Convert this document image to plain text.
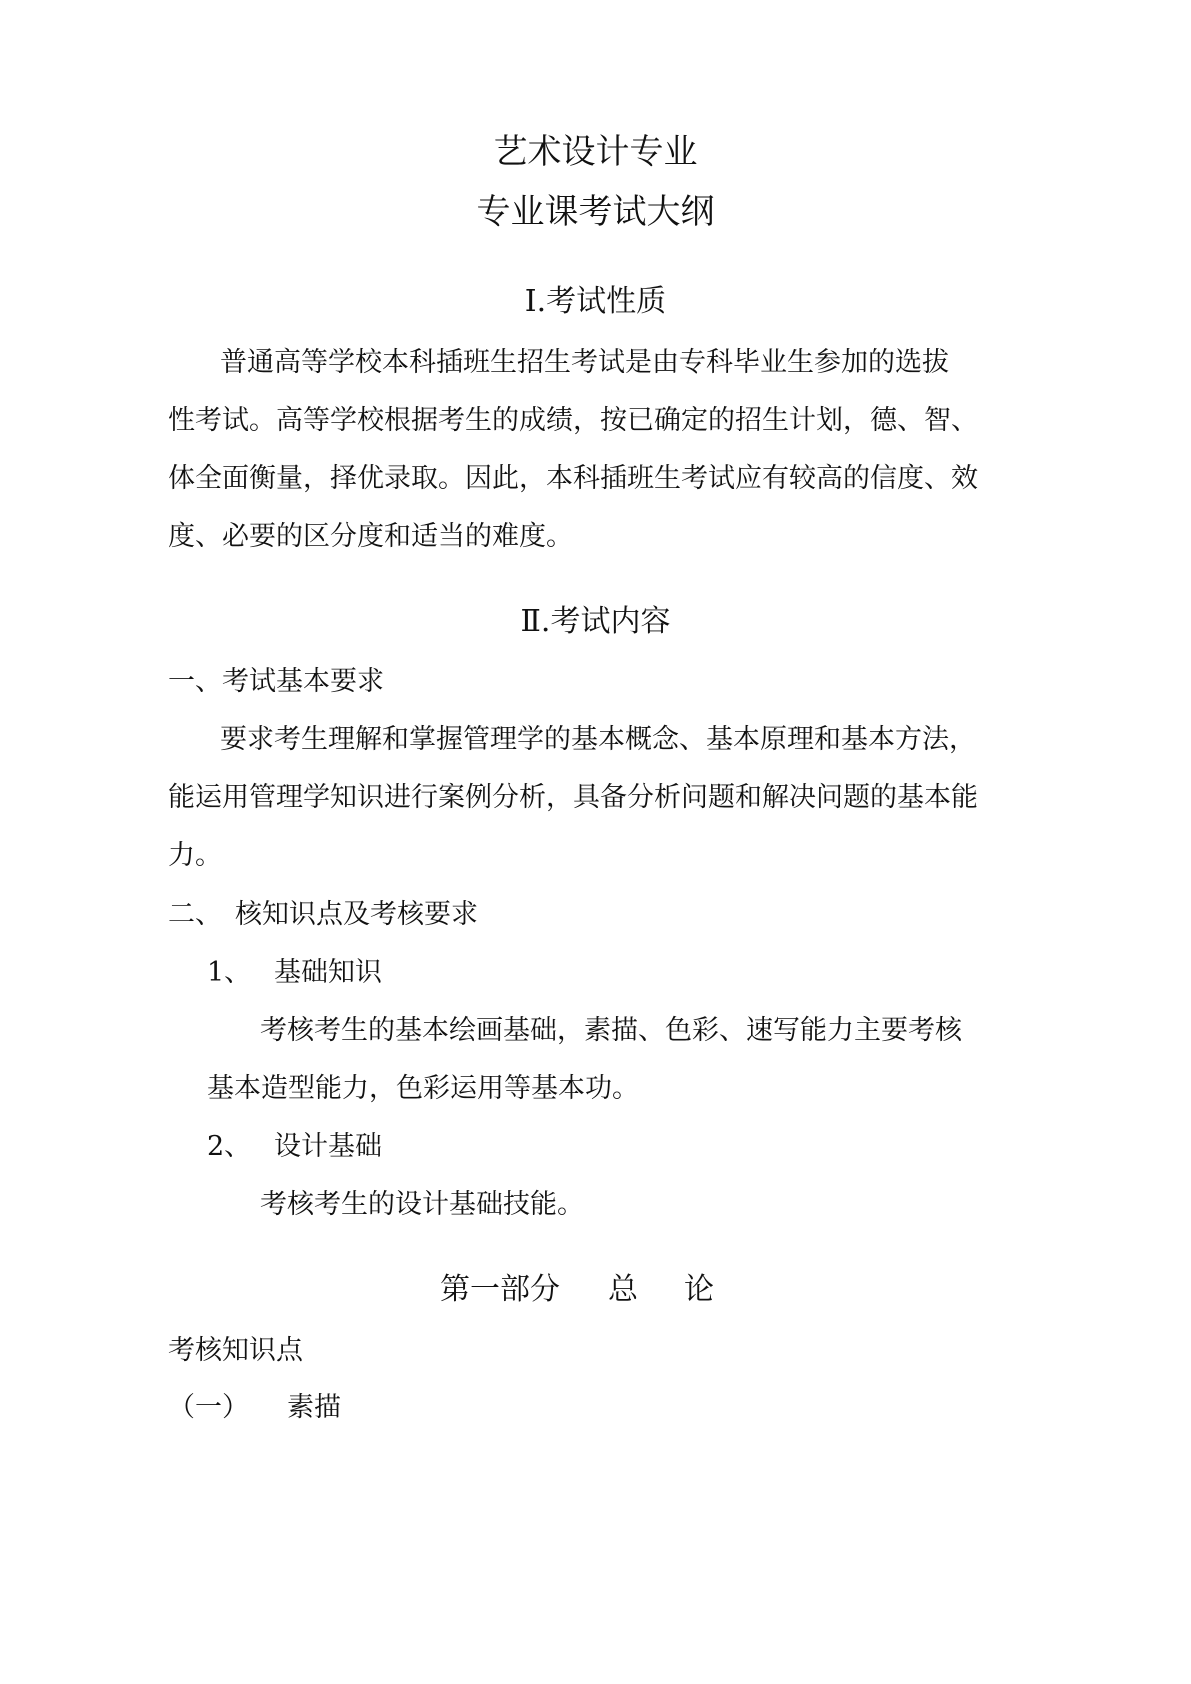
艺术设计专业
专业课考试大纲
Ⅰ.考试性质
普通高等学校本科插班生招生考试是由专科毕业生参加的选拔
性考试。高等学校根据考生的成绩，按已确定的招生计划，德、智、
体全面衡量，择优录取。因此，本科插班生考试应有较高的信度、效
度、必要的区分度和适当的难度。
Ⅱ.考试内容
一、考试基本要求
要求考生理解和掌握管理学的基本概念、基本原理和基本方法，
能运用管理学知识进行案例分析，具备分析问题和解决问题的基本能
力。
二、 核知识点及考核要求
1、 基础知识
考核考生的基本绘画基础，素描、色彩、速写能力主要考核
基本造型能力，色彩运用等基本功。
2、 设计基础
考核考生的设计基础技能。
第一部分 总 论
考核知识点
（一） 素描
